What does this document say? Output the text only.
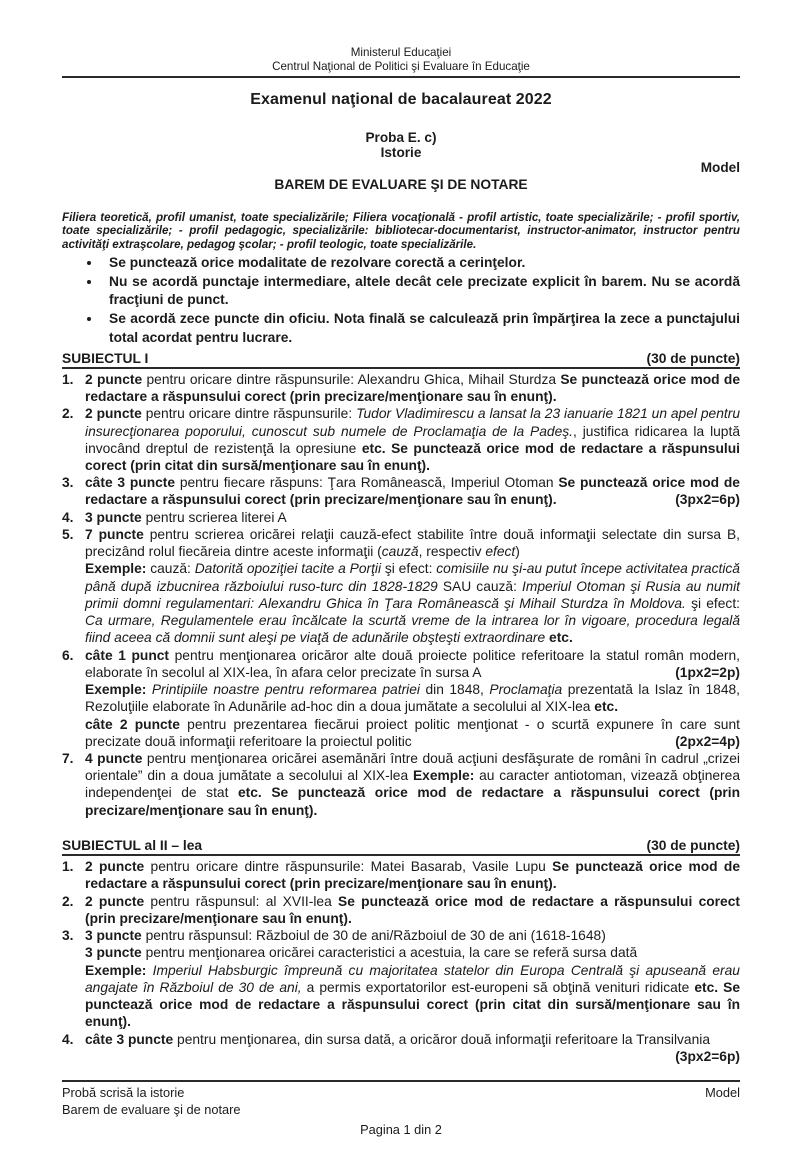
Ministerul Educaţiei
Centrul Naţional de Politici şi Evaluare în Educaţie
Examenul naţional de bacalaureat 2022
Proba E. c)
Istorie
Model
BAREM DE EVALUARE ŞI DE NOTARE
Filiera teoretică, profil umanist, toate specializările; Filiera vocaţională - profil artistic, toate specializările; - profil sportiv, toate specializările; - profil pedagogic, specializările: bibliotecar-documentarist, instructor-animator, instructor pentru activităţi extraşcolare, pedagog şcolar; - profil teologic, toate specializările.
• Se punctează orice modalitate de rezolvare corectă a cerinţelor.
• Nu se acordă punctaje intermediare, altele decât cele precizate explicit în barem. Nu se acordă fracţiuni de punct.
• Se acordă zece puncte din oficiu. Nota finală se calculează prin împărţirea la zece a punctajului total acordat pentru lucrare.
SUBIECTUL I	(30 de puncte)
1. 2 puncte pentru oricare dintre răspunsurile: Alexandru Ghica, Mihail Sturdza Se punctează orice mod de redactare a răspunsului corect (prin precizare/menţionare sau în enunţ).
2. 2 puncte pentru oricare dintre răspunsurile: Tudor Vladimirescu a lansat la 23 ianuarie 1821 un apel pentru insurecţionarea poporului, cunoscut sub numele de Proclamaţia de la Padeş., justifica ridicarea la luptă invocând dreptul de rezistenţă la opresiune etc. Se punctează orice mod de redactare a răspunsului corect (prin citat din sursă/menţionare sau în enunţ).
3. câte 3 puncte pentru fiecare răspuns: Ţara Românească, Imperiul Otoman Se punctează orice mod de redactare a răspunsului corect (prin precizare/menţionare sau în enunţ).	(3px2=6p)
4. 3 puncte pentru scrierea literei A
5. 7 puncte pentru scrierea oricărei relaţii cauză-efect stabilite între două informaţii selectate din sursa B, precizând rolul fiecăreia dintre aceste informaţii (cauză, respectiv efect)
Exemple: cauză: Datorită opoziţiei tacite a Porţii şi efect: comisiile nu şi-au putut începe activitatea practică până după izbucnirea războiului ruso-turc din 1828-1829 SAU cauză: Imperiul Otoman şi Rusia au numit primii domni regulamentari: Alexandru Ghica în Ţara Românească şi Mihail Sturdza în Moldova. şi efect: Ca urmare, Regulamentele erau încălcate la scurtă vreme de la intrarea lor în vigoare, procedura legală fiind aceea că domnii sunt aleşi pe viaţă de adunările obşteşti extraordinare etc.
6. câte 1 punct pentru menţionarea oricăror alte două proiecte politice referitoare la statul român modern, elaborate în secolul al XIX-lea, în afara celor precizate în sursa A	(1px2=2p)
Exemple: Printipiile noastre pentru reformarea patriei din 1848, Proclamaţia prezentată la Islaz în 1848, Rezoluţiile elaborate în Adunările ad-hoc din a doua jumătate a secolului al XIX-lea etc.
câte 2 puncte pentru prezentarea fiecărui proiect politic menţionat - o scurtă expunere în care sunt precizate două informaţii referitoare la proiectul politic	(2px2=4p)
7. 4 puncte pentru menţionarea oricărei asemănări între două acţiuni desfăşurate de români în cadrul „crizei orientale” din a doua jumătate a secolului al XIX-lea Exemple: au caracter antiotoman, vizează obţinerea independenţei de stat etc. Se punctează orice mod de redactare a răspunsului corect (prin precizare/menţionare sau în enunţ).
SUBIECTUL al II – lea	(30 de puncte)
1. 2 puncte pentru oricare dintre răspunsurile: Matei Basarab, Vasile Lupu Se punctează orice mod de redactare a răspunsului corect (prin precizare/menţionare sau în enunţ).
2. 2 puncte pentru răspunsul: al XVII-lea Se punctează orice mod de redactare a răspunsului corect (prin precizare/menţionare sau în enunţ).
3. 3 puncte pentru răspunsul: Războiul de 30 de ani/Războiul de 30 de ani (1618-1648)
3 puncte pentru menţionarea oricărei caracteristici a acestuia, la care se referă sursa dată
Exemple: Imperiul Habsburgic împreună cu majoritatea statelor din Europa Centrală şi apuseană erau angajate în Războiul de 30 de ani, a permis exportatorilor est-europeni să obţină venituri ridicate etc. Se punctează orice mod de redactare a răspunsului corect (prin citat din sursă/menţionare sau în enunţ).
4. câte 3 puncte pentru menţionarea, din sursa dată, a oricăror două informaţii referitoare la Transilvania
(3px2=6p)
Probă scrisă la istorie	Model
Barem de evaluare şi de notare
Pagina 1 din 2
